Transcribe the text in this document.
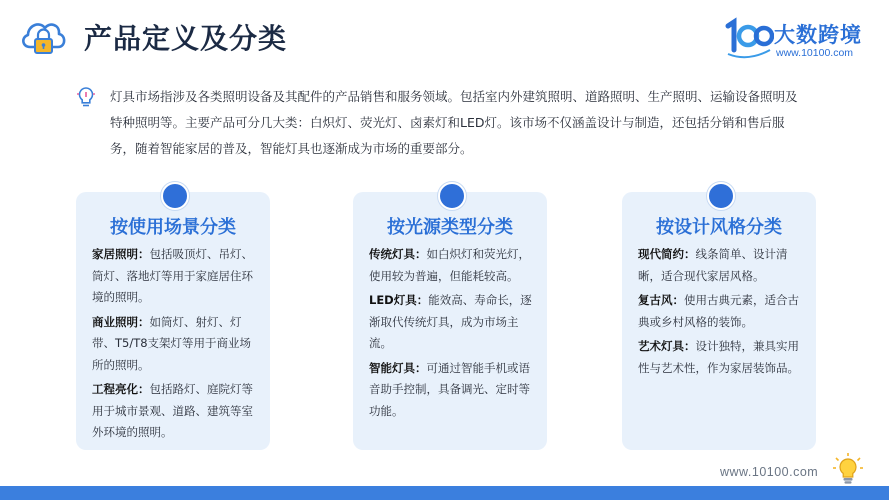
产品定义及分类	大数跨境
www.10100.com
灯具市场指涉及各类照明设备及其配件的产品销售和服务领域。包括室内外建筑照明、道路照明、生产照明、运输设备照明及特种照明等。主要产品可分几大类：白炽灯、荧光灯、卤素灯和LED灯。该市场不仅涵盖设计与制造，还包括分销和售后服务，随着智能家居的普及，智能灯具也逐渐成为市场的重要部分。
按使用场景分类
家居照明：包括吸顶灯、吊灯、筒灯、落地灯等用于家庭居住环境的照明。
商业照明：如筒灯、射灯、灯带、T5/T8支架灯等用于商业场所的照明。
工程亮化：包括路灯、庭院灯等用于城市景观、道路、建筑等室外环境的照明。
按光源类型分类
传统灯具：如白炽灯和荧光灯，使用较为普遍，但能耗较高。
LED灯具：能效高、寿命长，逐渐取代传统灯具，成为市场主流。
智能灯具：可通过智能手机或语音助手控制，具备调光、定时等功能。
按设计风格分类
现代简约：线条简单、设计清晰，适合现代家居风格。
复古风：使用古典元素，适合古典或乡村风格的装饰。
艺术灯具：设计独特，兼具实用性与艺术性，作为家居装饰品。
www.10100.com
